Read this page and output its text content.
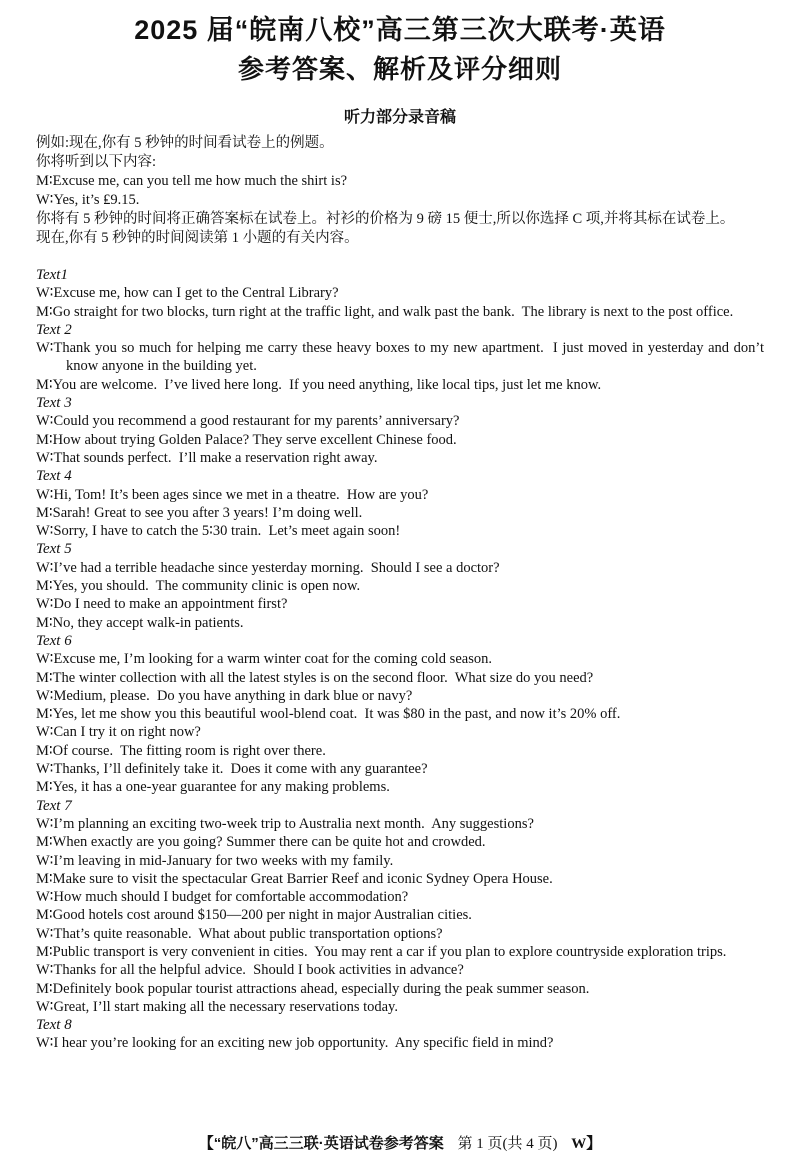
2025 届“皖南八校”高三第三次大联考·英语
参考答案、解析及评分细则
听力部分录音稿

例如:现在,你有 5 秒钟的时间看试卷上的例题。

你将听到以下内容:

M∶Excuse me, can you tell me how much the shirt is?

W∶Yes, it’s ₤9.15.

你将有 5 秒钟的时间将正确答案标在试卷上。衬衫的价格为 9 磅 15 便士,所以你选择 C 项,并将其标在试卷上。

现在,你有 5 秒钟的时间阅读第 1 小题的有关内容。

Text1

W∶Excuse me, how can I get to the Central Library?

M∶Go straight for two blocks, turn right at the traffic light, and walk past the bank.  The library is next to the post office.

Text 2

W∶Thank you so much for helping me carry these heavy boxes to my new apartment.  I just moved in yesterday and don’t know anyone in the building yet.

M∶You are welcome.  I’ve lived here long.  If you need anything, like local tips, just let me know.

Text 3

W∶Could you recommend a good restaurant for my parents’ anniversary?

M∶How about trying Golden Palace? They serve excellent Chinese food.

W∶That sounds perfect.  I’ll make a reservation right away.

Text 4

W∶Hi, Tom! It’s been ages since we met in a theatre.  How are you?

M∶Sarah! Great to see you after 3 years! I’m doing well.

W∶Sorry, I have to catch the 5∶30 train.  Let’s meet again soon!

Text 5

W∶I’ve had a terrible headache since yesterday morning.  Should I see a doctor?

M∶Yes, you should.  The community clinic is open now.

W∶Do I need to make an appointment first?

M∶No, they accept walk-in patients.

Text 6

W∶Excuse me, I’m looking for a warm winter coat for the coming cold season.

M∶The winter collection with all the latest styles is on the second floor.  What size do you need?

W∶Medium, please.  Do you have anything in dark blue or navy?

M∶Yes, let me show you this beautiful wool-blend coat.  It was $80 in the past, and now it’s 20% off.

W∶Can I try it on right now?

M∶Of course.  The fitting room is right over there.

W∶Thanks, I’ll definitely take it.  Does it come with any guarantee?

M∶Yes, it has a one-year guarantee for any making problems.

Text 7

W∶I’m planning an exciting two-week trip to Australia next month.  Any suggestions?

M∶When exactly are you going? Summer there can be quite hot and crowded.

W∶I’m leaving in mid-January for two weeks with my family.

M∶Make sure to visit the spectacular Great Barrier Reef and iconic Sydney Opera House.

W∶How much should I budget for comfortable accommodation?

M∶Good hotels cost around $150—200 per night in major Australian cities.

W∶That’s quite reasonable.  What about public transportation options?

M∶Public transport is very convenient in cities.  You may rent a car if you plan to explore countryside exploration trips.

W∶Thanks for all the helpful advice.  Should I book activities in advance?

M∶Definitely book popular tourist attractions ahead, especially during the peak summer season.

W∶Great, I’ll start making all the necessary reservations today.

Text 8

W∶I hear you’re looking for an exciting new job opportunity.  Any specific field in mind?

【“皖八”高三三联·英语试卷参考答案 第 1 页(共 4 页) W】
